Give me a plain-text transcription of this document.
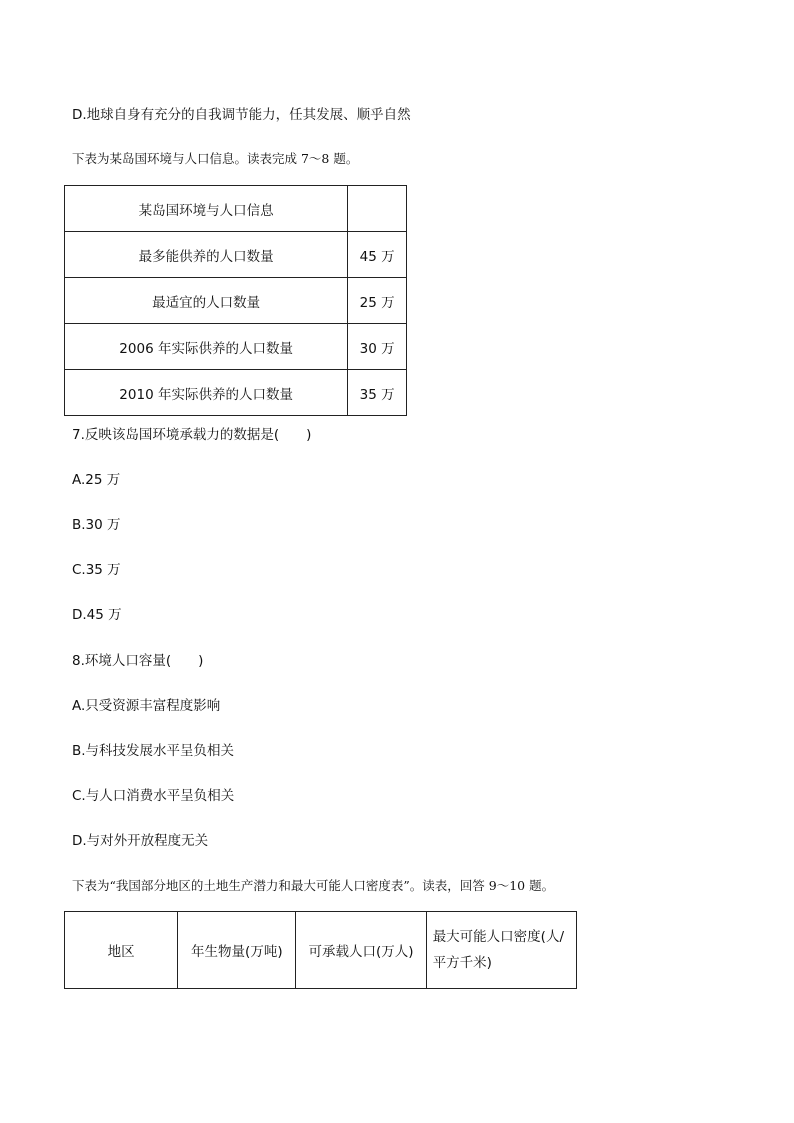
D.地球自身有充分的自我调节能力，任其发展、顺乎自然
下表为某岛国环境与人口信息。读表完成 7～8 题。
某岛国环境与人口信息	
最多能供养的人口数量	45 万
最适宜的人口数量	25 万
2006 年实际供养的人口数量	30 万
2010 年实际供养的人口数量	35 万
7.反映该岛国环境承载力的数据是(　　)
A.25 万
B.30 万
C.35 万
D.45 万
8.环境人口容量(　　)
A.只受资源丰富程度影响
B.与科技发展水平呈负相关
C.与人口消费水平呈负相关
D.与对外开放程度无关
下表为“我国部分地区的土地生产潜力和最大可能人口密度表”。读表，回答 9～10 题。
地区	年生物量(万吨)	可承载人口(万人)	最大可能人口密度(人/平方千米)
